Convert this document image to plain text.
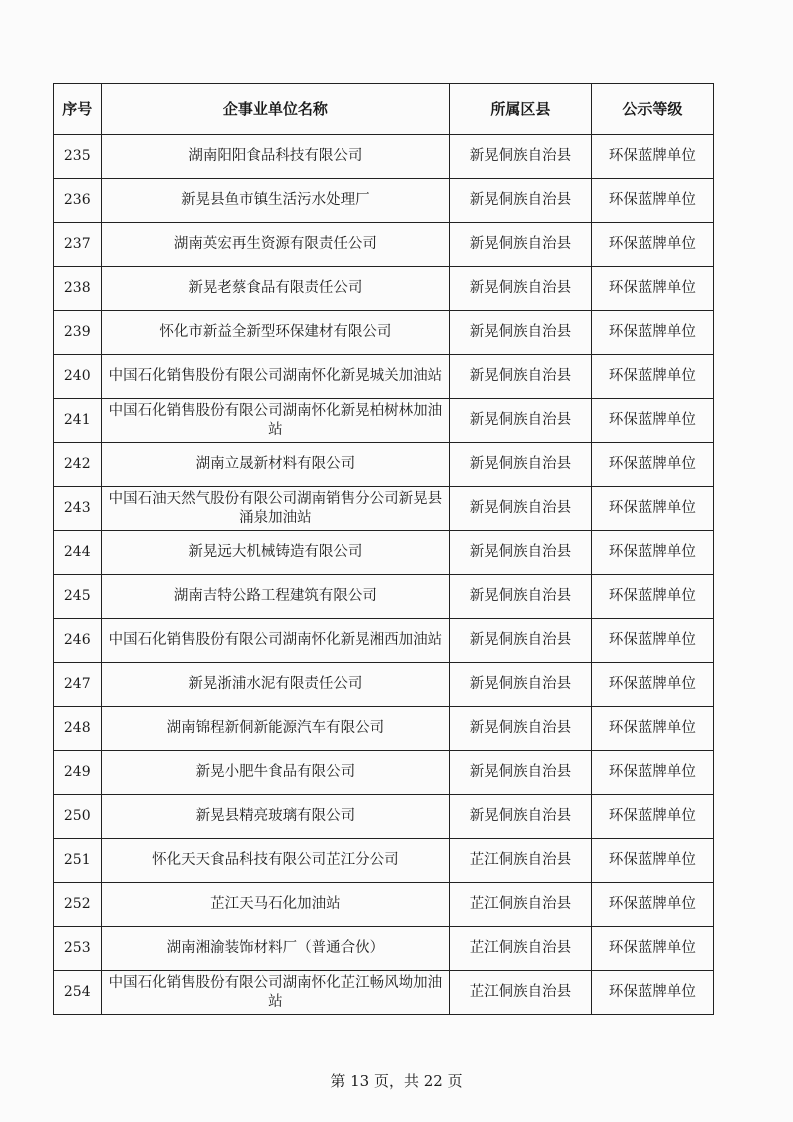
序号	企事业单位名称	所属区县	公示等级
235	湖南阳阳食品科技有限公司	新晃侗族自治县	环保蓝牌单位
236	新晃县鱼市镇生活污水处理厂	新晃侗族自治县	环保蓝牌单位
237	湖南英宏再生资源有限责任公司	新晃侗族自治县	环保蓝牌单位
238	新晃老蔡食品有限责任公司	新晃侗族自治县	环保蓝牌单位
239	怀化市新益全新型环保建材有限公司	新晃侗族自治县	环保蓝牌单位
240	中国石化销售股份有限公司湖南怀化新晃城关加油站	新晃侗族自治县	环保蓝牌单位
241	中国石化销售股份有限公司湖南怀化新晃柏树林加油站	新晃侗族自治县	环保蓝牌单位
242	湖南立晟新材料有限公司	新晃侗族自治县	环保蓝牌单位
243	中国石油天然气股份有限公司湖南销售分公司新晃县涌泉加油站	新晃侗族自治县	环保蓝牌单位
244	新晃远大机械铸造有限公司	新晃侗族自治县	环保蓝牌单位
245	湖南吉特公路工程建筑有限公司	新晃侗族自治县	环保蓝牌单位
246	中国石化销售股份有限公司湖南怀化新晃湘西加油站	新晃侗族自治县	环保蓝牌单位
247	新晃浙浦水泥有限责任公司	新晃侗族自治县	环保蓝牌单位
248	湖南锦程新侗新能源汽车有限公司	新晃侗族自治县	环保蓝牌单位
249	新晃小肥牛食品有限公司	新晃侗族自治县	环保蓝牌单位
250	新晃县精亮玻璃有限公司	新晃侗族自治县	环保蓝牌单位
251	怀化天天食品科技有限公司芷江分公司	芷江侗族自治县	环保蓝牌单位
252	芷江天马石化加油站	芷江侗族自治县	环保蓝牌单位
253	湖南湘渝装饰材料厂（普通合伙）	芷江侗族自治县	环保蓝牌单位
254	中国石化销售股份有限公司湖南怀化芷江畅风坳加油站	芷江侗族自治县	环保蓝牌单位
第 13 页，共 22 页
